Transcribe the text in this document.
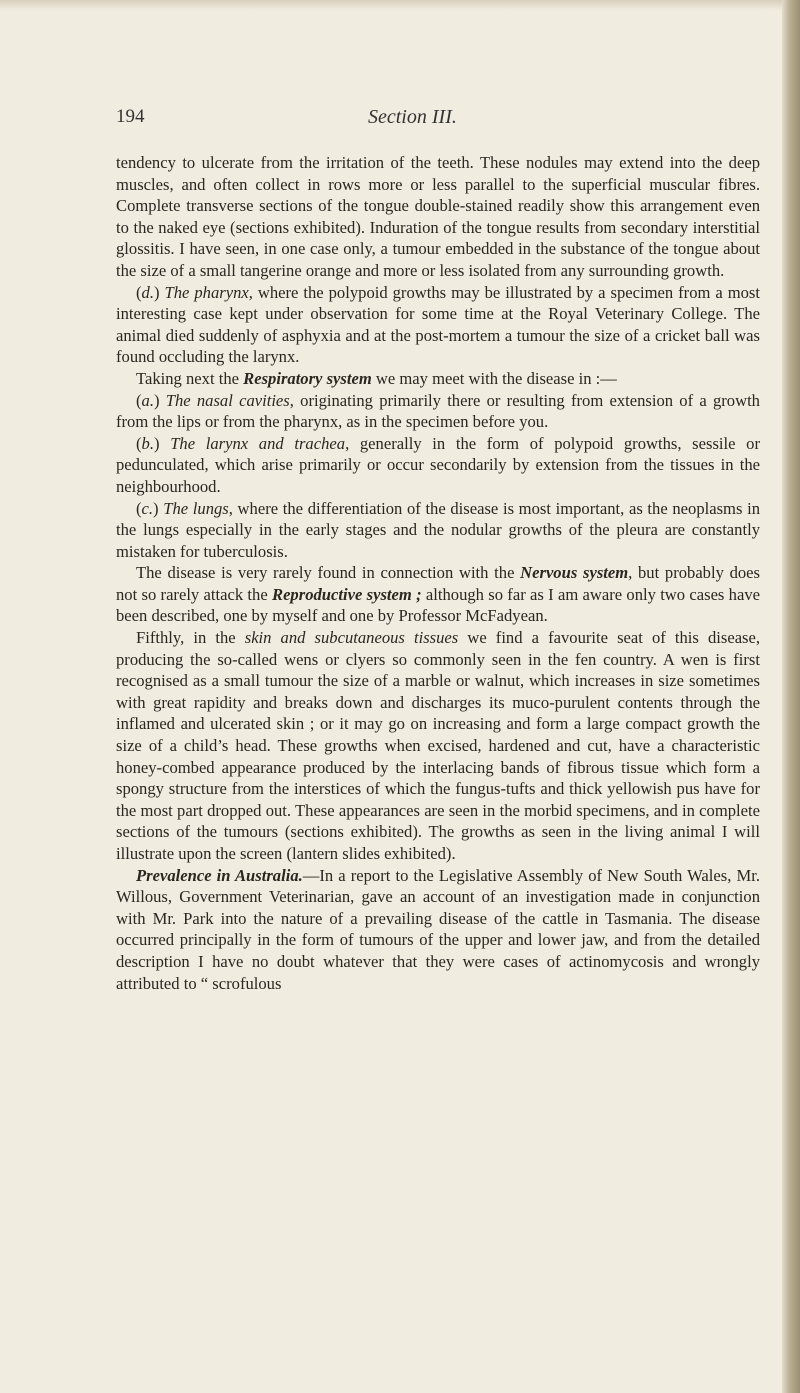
194	Section III.

tendency to ulcerate from the irritation of the teeth. These nodules may extend into the deep muscles, and often collect in rows more or less parallel to the superficial muscular fibres. Complete transverse sections of the tongue double-stained readily show this arrangement even to the naked eye (sections exhibited). Induration of the tongue results from secondary interstitial glossitis. I have seen, in one case only, a tumour embedded in the substance of the tongue about the size of a small tangerine orange and more or less isolated from any surrounding growth.

(d.) The pharynx, where the polypoid growths may be illustrated by a specimen from a most interesting case kept under observation for some time at the Royal Veterinary College. The animal died suddenly of asphyxia and at the post-mortem a tumour the size of a cricket ball was found occluding the larynx.

Taking next the Respiratory system we may meet with the disease in :—

(a.) The nasal cavities, originating primarily there or resulting from extension of a growth from the lips or from the pharynx, as in the specimen before you.

(b.) The larynx and trachea, generally in the form of polypoid growths, sessile or pedunculated, which arise primarily or occur secondarily by extension from the tissues in the neighbourhood.

(c.) The lungs, where the differentiation of the disease is most important, as the neoplasms in the lungs especially in the early stages and the nodular growths of the pleura are constantly mistaken for tuberculosis.

The disease is very rarely found in connection with the Nervous system, but probably does not so rarely attack the Reproductive system ; although so far as I am aware only two cases have been described, one by myself and one by Professor McFadyean.

Fifthly, in the skin and subcutaneous tissues we find a favourite seat of this disease, producing the so-called wens or clyers so commonly seen in the fen country. A wen is first recognised as a small tumour the size of a marble or walnut, which increases in size sometimes with great rapidity and breaks down and discharges its muco-purulent contents through the inflamed and ulcerated skin ; or it may go on increasing and form a large compact growth the size of a child’s head. These growths when excised, hardened and cut, have a characteristic honey-combed appearance produced by the interlacing bands of fibrous tissue which form a spongy structure from the interstices of which the fungus-tufts and thick yellowish pus have for the most part dropped out. These appearances are seen in the morbid specimens, and in complete sections of the tumours (sections exhibited). The growths as seen in the living animal I will illustrate upon the screen (lantern slides exhibited).

Prevalence in Australia.—In a report to the Legislative Assembly of New South Wales, Mr. Willous, Government Veterinarian, gave an account of an investigation made in conjunction with Mr. Park into the nature of a prevailing disease of the cattle in Tasmania. The disease occurred principally in the form of tumours of the upper and lower jaw, and from the detailed description I have no doubt whatever that they were cases of actinomycosis and wrongly attributed to “ scrofulous
